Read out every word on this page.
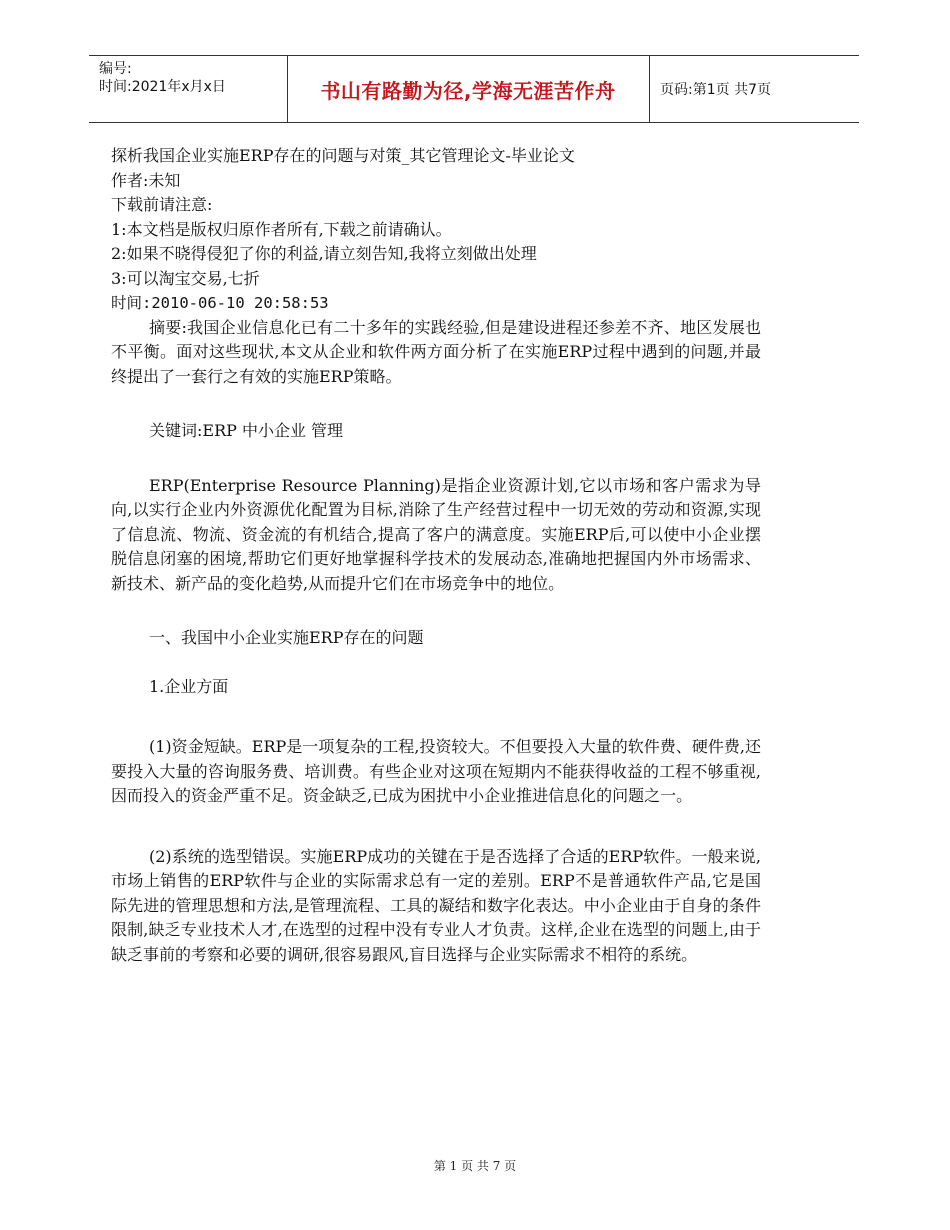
编号:
时间:2021年x月x日	书山有路勤为径,学海无涯苦作舟	页码:第1页 共7页
探析我国企业实施ERP存在的问题与对策_其它管理论文-毕业论文
作者:未知
下载前请注意:
1:本文档是版权归原作者所有,下载之前请确认。
2:如果不晓得侵犯了你的利益,请立刻告知,我将立刻做出处理
3:可以淘宝交易,七折
时间:2010-06-10 20:58:53

摘要:我国企业信息化已有二十多年的实践经验,但是建设进程还参差不齐、地区发展也不平衡。面对这些现状,本文从企业和软件两方面分析了在实施ERP过程中遇到的问题,并最终提出了一套行之有效的实施ERP策略。

关键词:ERP 中小企业 管理

ERP(Enterprise Resource Planning)是指企业资源计划,它以市场和客户需求为导向,以实行企业内外资源优化配置为目标,消除了生产经营过程中一切无效的劳动和资源,实现了信息流、物流、资金流的有机结合,提高了客户的满意度。实施ERP后,可以使中小企业摆脱信息闭塞的困境,帮助它们更好地掌握科学技术的发展动态,准确地把握国内外市场需求、新技术、新产品的变化趋势,从而提升它们在市场竞争中的地位。

一、我国中小企业实施ERP存在的问题

1.企业方面

(1)资金短缺。ERP是一项复杂的工程,投资较大。不但要投入大量的软件费、硬件费,还要投入大量的咨询服务费、培训费。有些企业对这项在短期内不能获得收益的工程不够重视,因而投入的资金严重不足。资金缺乏,已成为困扰中小企业推进信息化的问题之一。

(2)系统的选型错误。实施ERP成功的关键在于是否选择了合适的ERP软件。一般来说,市场上销售的ERP软件与企业的实际需求总有一定的差别。ERP不是普通软件产品,它是国际先进的管理思想和方法,是管理流程、工具的凝结和数字化表达。中小企业由于自身的条件限制,缺乏专业技术人才,在选型的过程中没有专业人才负责。这样,企业在选型的问题上,由于缺乏事前的考察和必要的调研,很容易跟风,盲目选择与企业实际需求不相符的系统。

第 1 页 共 7 页
